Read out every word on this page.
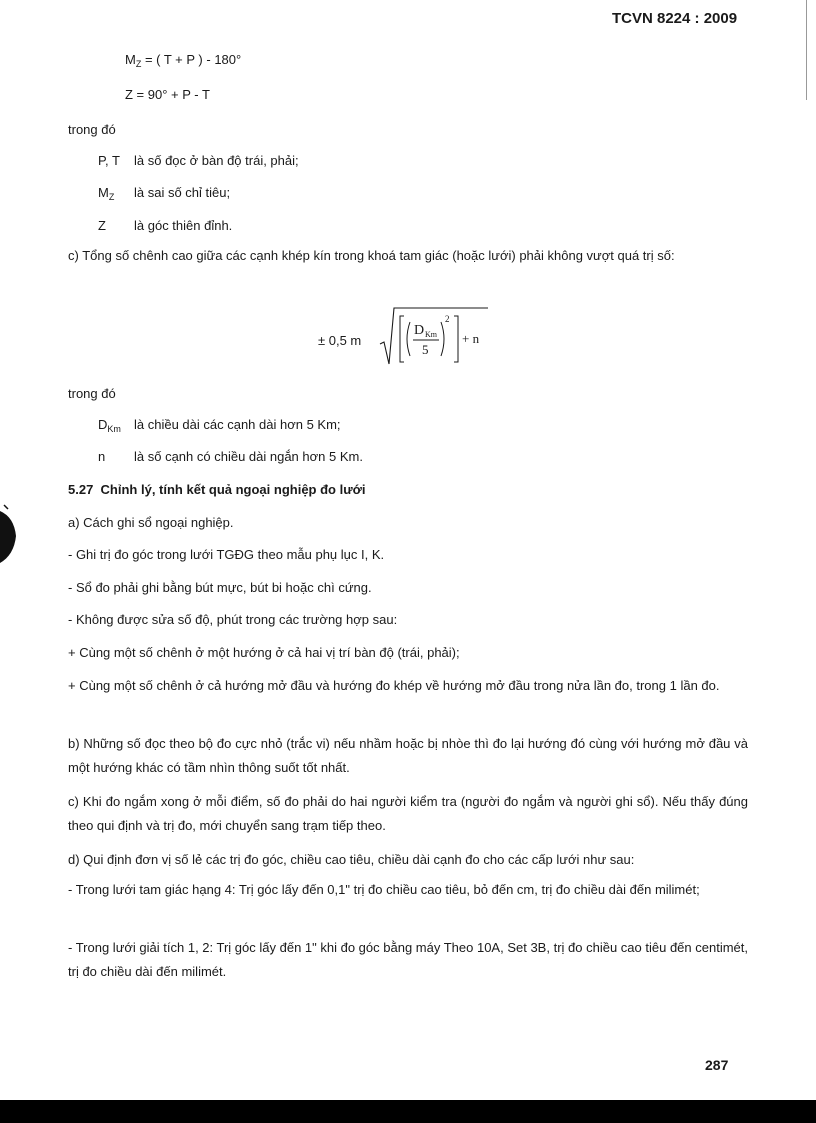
TCVN 8224 : 2009
$M_Z$ = ( T + P ) - 180°
Z = 90° + P - T
trong đó
P, T là số đọc ở bàn độ trái, phải;
$M_Z$ là sai số chỉ tiêu;
Z là góc thiên đỉnh.
c) Tổng số chênh cao giữa các cạnh khép kín trong khoá tam giác (hoặc lưới) phải không vượt quá trị số:
± 0,5 m
D Km
5
2
+ n
trong đó
$D_{Km}$ là chiều dài các cạnh dài hơn 5 Km;
n là số cạnh có chiều dài ngắn hơn 5 Km.
5.27 Chỉnh lý, tính kết quả ngoại nghiệp đo lưới
a) Cách ghi sổ ngoại nghiệp.
- Ghi trị đo góc trong lưới TGĐG theo mẫu phụ lục I, K.
- Sổ đo phải ghi bằng bút mực, bút bi hoặc chì cứng.
- Không được sửa số độ, phút trong các trường hợp sau:
+ Cùng một số chênh ở một hướng ở cả hai vị trí bàn độ (trái, phải);
+ Cùng một số chênh ở cả hướng mở đầu và hướng đo khép về hướng mở đầu trong nửa lần đo, trong 1 lần đo.
b) Những số đọc theo bộ đo cực nhỏ (trắc vi) nếu nhầm hoặc bị nhòe thì đo lại hướng đó cùng với hướng mở đầu và một hướng khác có tầm nhìn thông suốt tốt nhất.
c) Khi đo ngắm xong ở mỗi điểm, số đo phải do hai người kiểm tra (người đo ngắm và người ghi sổ). Nếu thấy đúng theo qui định và trị đo, mới chuyển sang trạm tiếp theo.
d) Qui định đơn vị số lẻ các trị đo góc, chiều cao tiêu, chiều dài cạnh đo cho các cấp lưới như sau:
- Trong lưới tam giác hạng 4: Trị góc lấy đến 0,1" trị đo chiều cao tiêu, bỏ đến cm, trị đo chiều dài đến milimét;
- Trong lưới giải tích 1, 2: Trị góc lấy đến 1" khi đo góc bằng máy Theo 10A, Set 3B, trị đo chiều cao tiêu đến centimét, trị đo chiều dài đến milimét.
287
